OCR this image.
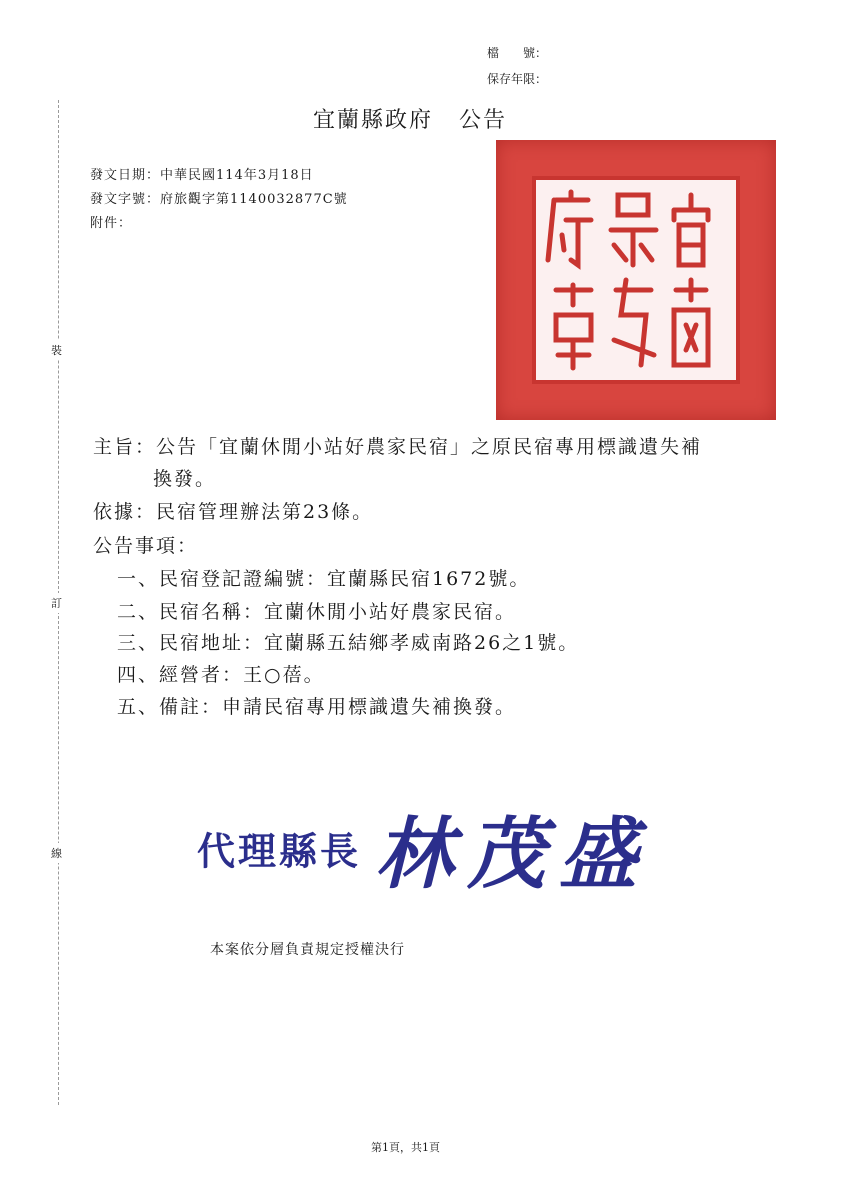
裝
訂
線
檔　　號：
保存年限：
宜蘭縣政府 公告
發文日期：中華民國114年3月18日
發文字號：府旅觀字第1140032877C號
附件：
主旨：公告「宜蘭休閒小站好農家民宿」之原民宿專用標識遺失補
換發。
依據：民宿管理辦法第23條。
公告事項：
一、民宿登記證編號：宜蘭縣民宿1672號。
二、民宿名稱：宜蘭休閒小站好農家民宿。
三、民宿地址：宜蘭縣五結鄉孝威南路26之1號。
四、經營者：王○蓓。
五、備註：申請民宿專用標識遺失補換發。
代理縣長 林茂盛
本案依分層負責規定授權決行
第1頁，共1頁
